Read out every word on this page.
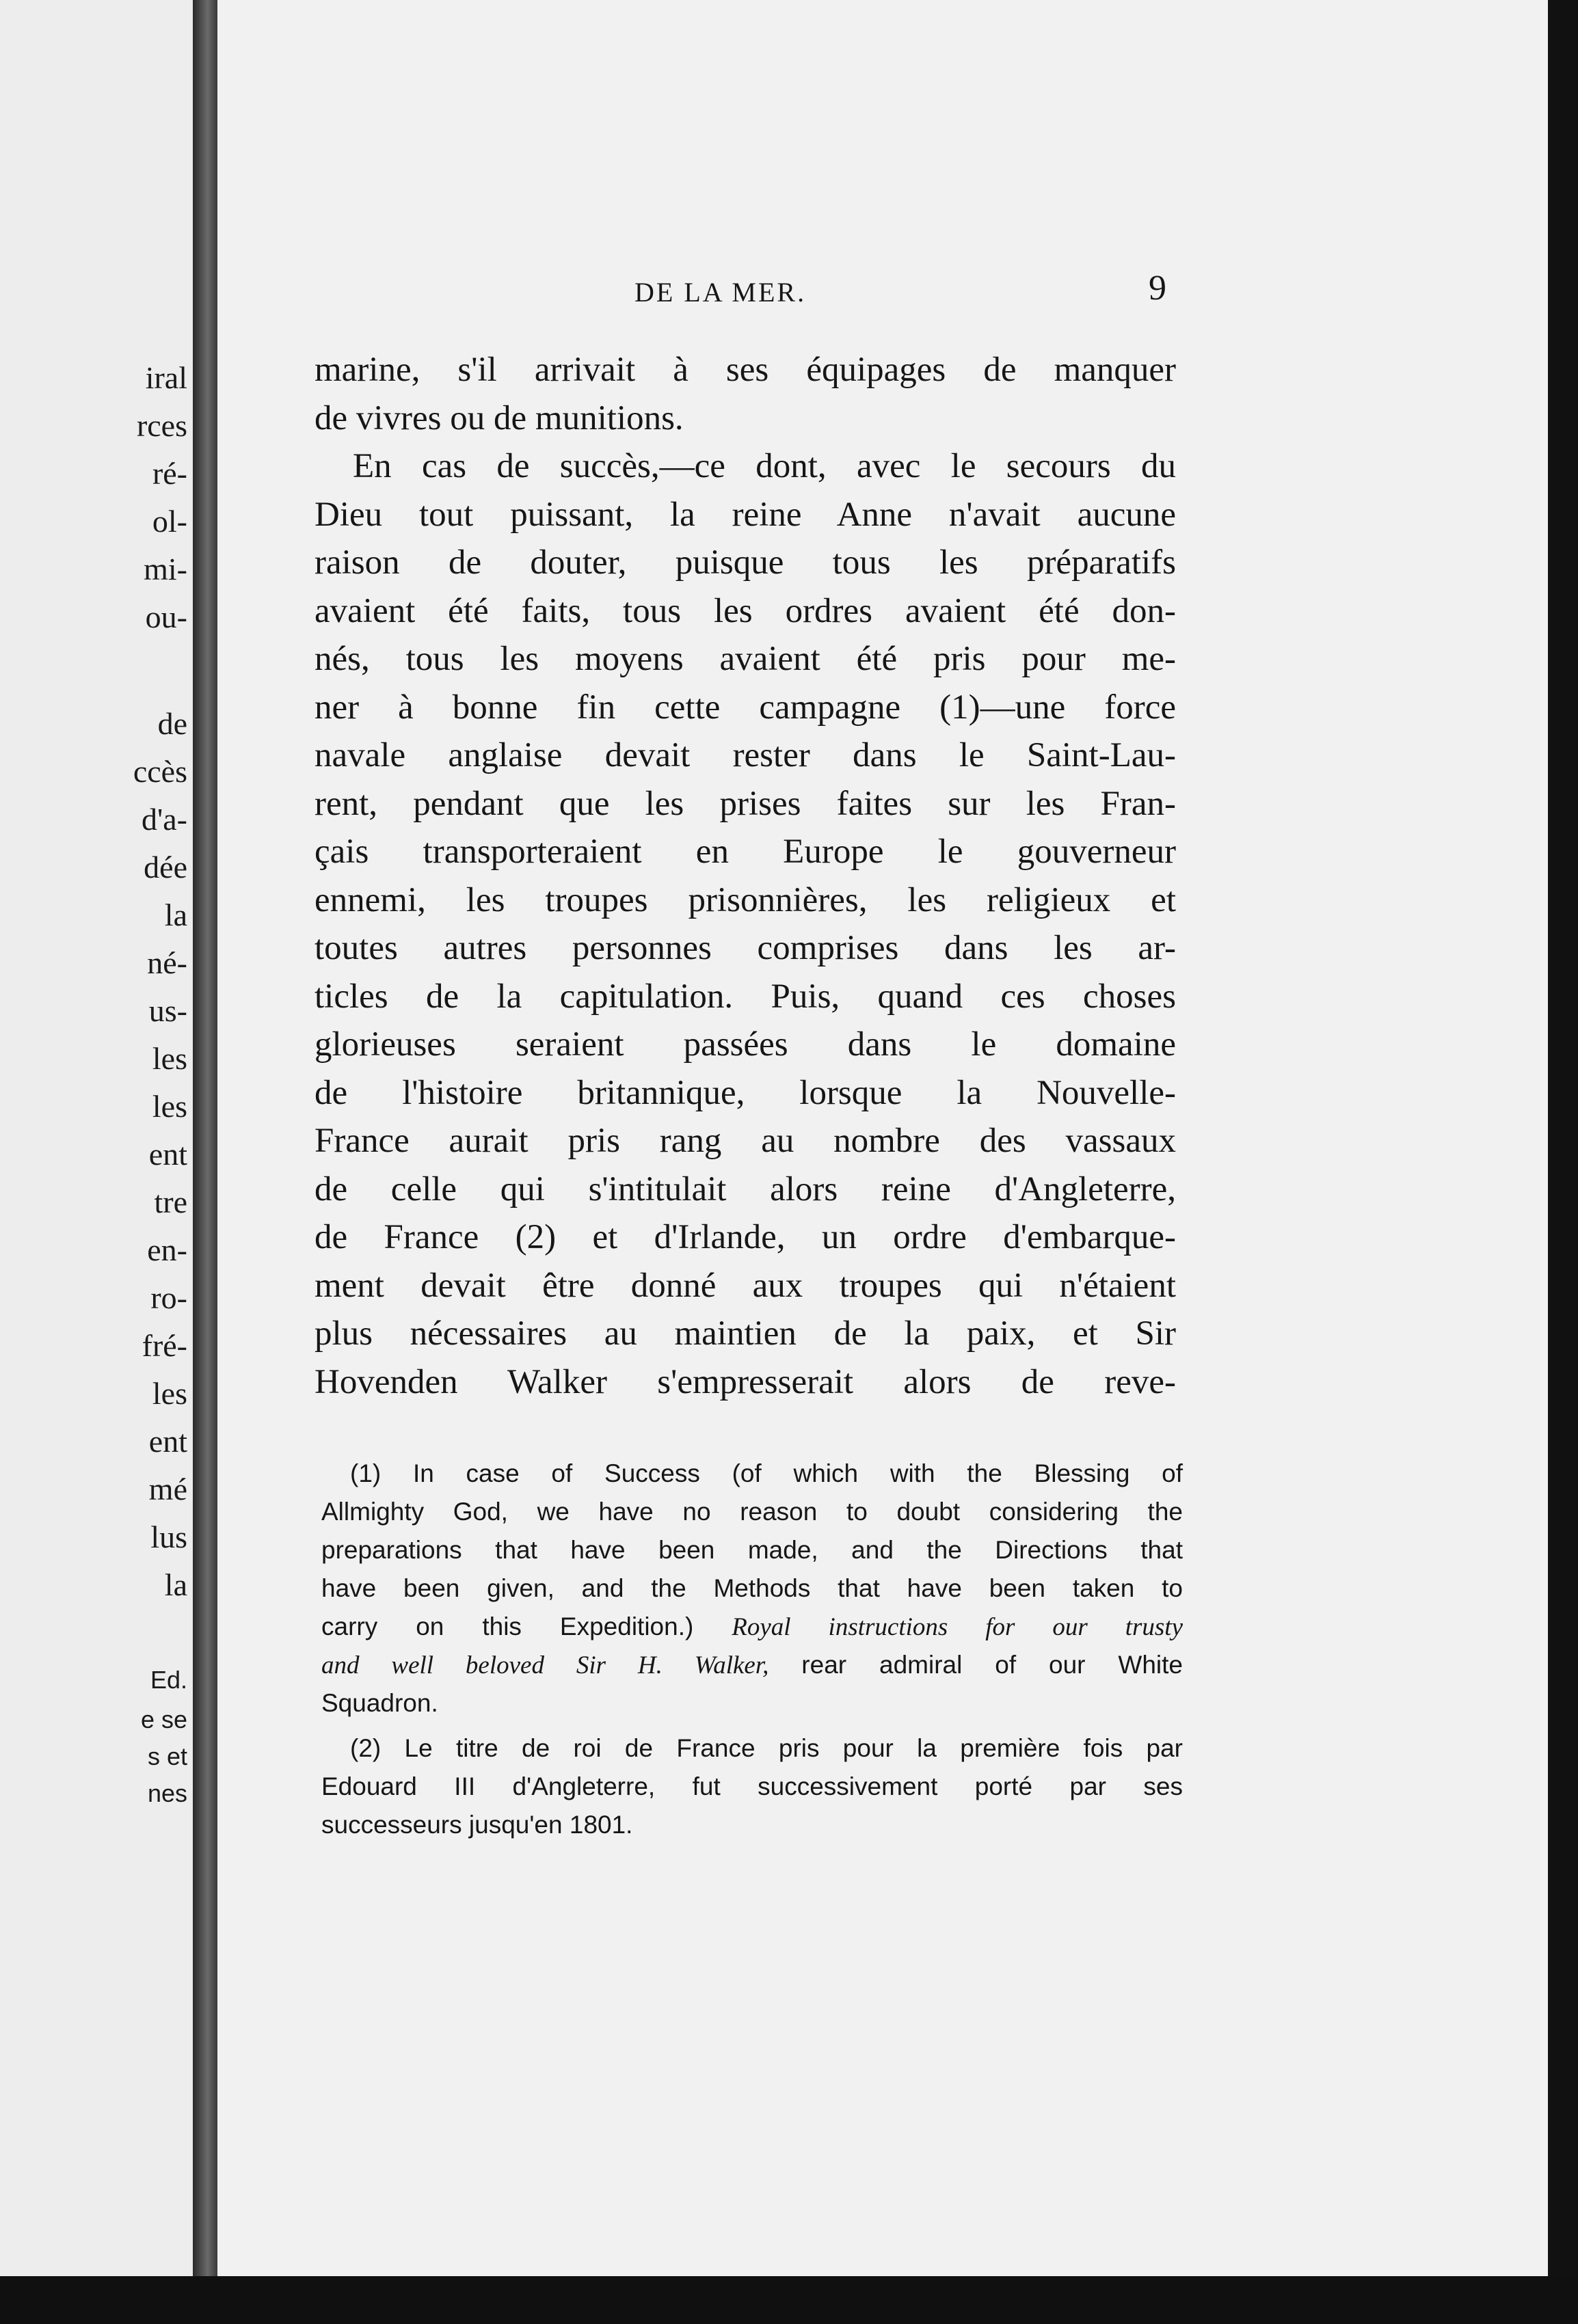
iral
rces
ré-
ol-
mi-
ou-
de
ccès
d'a-
dée
la
né-
us-
les
les
ent
tre
en-
ro-
fré-
les
ent
mé
lus
la
Ed.
e se
s et
nes
DE LA MER.	9
marine, s'il arrivait à ses équipages de manquer
de vivres ou de munitions.
En cas de succès,—ce dont, avec le secours du
Dieu tout puissant, la reine Anne n'avait aucune
raison de douter, puisque tous les préparatifs
avaient été faits, tous les ordres avaient été don-
nés, tous les moyens avaient été pris pour me-
ner à bonne fin cette campagne (1)—une force
navale anglaise devait rester dans le Saint-Lau-
rent, pendant que les prises faites sur les Fran-
çais transporteraient en Europe le gouverneur
ennemi, les troupes prisonnières, les religieux et
toutes autres personnes comprises dans les ar-
ticles de la capitulation. Puis, quand ces choses
glorieuses seraient passées dans le domaine
de l'histoire britannique, lorsque la Nouvelle-
France aurait pris rang au nombre des vassaux
de celle qui s'intitulait alors reine d'Angleterre,
de France (2) et d'Irlande, un ordre d'embarque-
ment devait être donné aux troupes qui n'étaient
plus nécessaires au maintien de la paix, et Sir
Hovenden Walker s'empresserait alors de reve-
(1) In case of Success (of which with the Blessing of
Allmighty God, we have no reason to doubt considering the
preparations that have been made, and the Directions that
have been given, and the Methods that have been taken to
carry on this Expedition.) Royal instructions for our trusty
and well beloved Sir H. Walker, rear admiral of our White
Squadron.
(2) Le titre de roi de France pris pour la première fois par
Edouard III d'Angleterre, fut successivement porté par ses
successeurs jusqu'en 1801.
